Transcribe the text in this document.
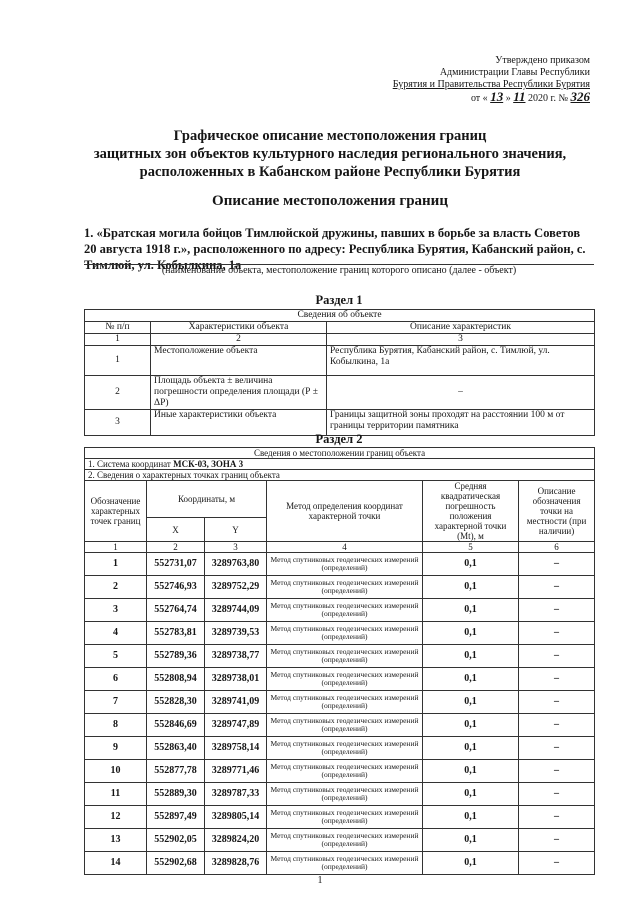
Утверждено приказом
Администрации Главы Республики
Бурятия и Правительства Республики Бурятия
от « 13 » 11 2020 г. № 326
Графическое описание местоположения границ
защитных зон объектов культурного наследия регионального значения,
расположенных в Кабанском районе Республики Бурятия
Описание местоположения границ
1. «Братская могила бойцов Тимлюйской дружины, павших в борьбе за власть Советов 20 августа 1918 г.», расположенного по адресу: Республика Бурятия, Кабанский район, с. Тимлюй, ул. Кобылкина, 1а
(наименование объекта, местоположение границ которого описано (далее - объект)
Раздел 1
Сведения об объекте		
№ п/п	Характеристики объекта	Описание характеристик
1	2	3
1	Местоположение объекта	Республика Бурятия, Кабанский район, с. Тимлюй, ул. Кобылкина, 1а
2	Площадь объекта ± величина погрешности определения площади (Р ± ΔР)	–
3	Иные характеристики объекта	Границы защитной зоны проходят на расстоянии 100 м от границы территории памятника
Раздел 2
Сведения о местоположении границ объекта					
1. Система координат МСК-03, ЗОНА 3					
2. Сведения о характерных точках границ объекта					
Обозначение характерных точек границ	Координаты, м		Метод определения координат характерной точки	Средняя квадратическая погрешность положения характерной точки (Мt), м	Описание обозначения точки на местности (при наличии)
	X	Y			
1	2	3	4	5	6
1	552731,07	3289763,80	Метод спутниковых геодезических измерений (определений)	0,1	–
2	552746,93	3289752,29	Метод спутниковых геодезических измерений (определений)	0,1	–
3	552764,74	3289744,09	Метод спутниковых геодезических измерений (определений)	0,1	–
4	552783,81	3289739,53	Метод спутниковых геодезических измерений (определений)	0,1	–
5	552789,36	3289738,77	Метод спутниковых геодезических измерений (определений)	0,1	–
6	552808,94	3289738,01	Метод спутниковых геодезических измерений (определений)	0,1	–
7	552828,30	3289741,09	Метод спутниковых геодезических измерений (определений)	0,1	–
8	552846,69	3289747,89	Метод спутниковых геодезических измерений (определений)	0,1	–
9	552863,40	3289758,14	Метод спутниковых геодезических измерений (определений)	0,1	–
10	552877,78	3289771,46	Метод спутниковых геодезических измерений (определений)	0,1	–
11	552889,30	3289787,33	Метод спутниковых геодезических измерений (определений)	0,1	–
12	552897,49	3289805,14	Метод спутниковых геодезических измерений (определений)	0,1	–
13	552902,05	3289824,20	Метод спутниковых геодезических измерений (определений)	0,1	–
14	552902,68	3289828,76	Метод спутниковых геодезических измерений (определений)	0,1	–
1
